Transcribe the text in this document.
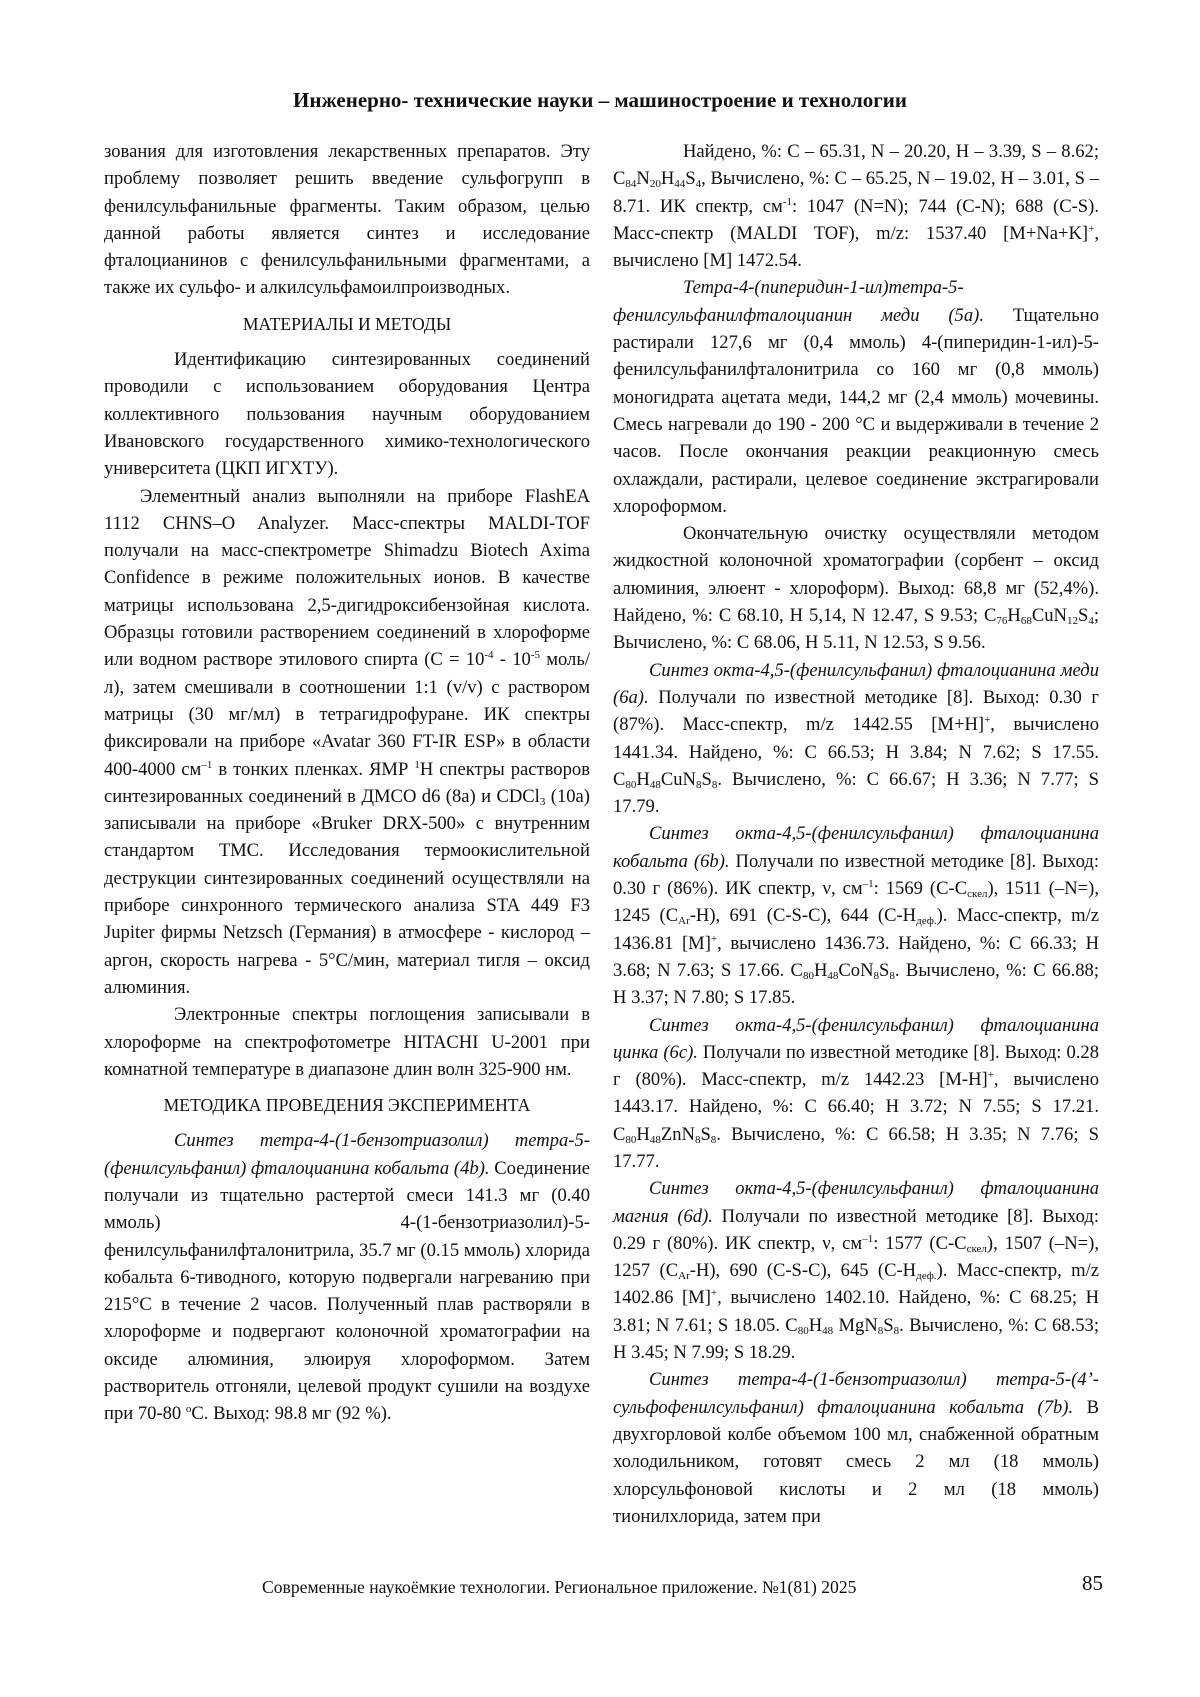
Инженерно- технические науки – машиностроение и технологии

зования для изготовления лекарственных препаратов. Эту проблему позволяет решить введение сульфогрупп в фенилсульфанильные фрагменты. Таким образом, целью данной работы является синтез и исследование фталоцианинов с фенилсульфанильными фрагментами, а также их сульфо- и алкилсульфамоилпроизводных.

МАТЕРИАЛЫ И МЕТОДЫ

Идентификацию синтезированных соединений проводили с использованием оборудования Центра коллективного пользования научным оборудованием Ивановского государственного химико-технологического университета (ЦКП ИГХТУ).

Элементный анализ выполняли на приборе FlashEA 1112 CHNS–O Analyzer. Масс-спектры MALDI-TOF получали на масс-спектрометре Shimadzu Biotech Axima Confidence в режиме положительных ионов. В качестве матрицы использована 2,5-дигидроксибензойная кислота. Образцы готовили растворением соединений в хлороформе или водном растворе этилового спирта ($С = 10^{-4} - 10^{-5}$ моль/л), затем смешивали в соотношении 1:1 (v/v) с раствором матрицы (30 мг/мл) в тетрагидрофуране. ИК спектры фиксировали на приборе «Avatar 360 FT-IR ESP» в области 400-4000 $см^{-1}$ в тонких пленках. ЯМР $^1$H спектры растворов синтезированных соединений в ДМСО d6 (8a) и CDCl$_3$ (10a) записывали на приборе «Bruker DRX-500» с внутренним стандартом ТМС. Исследования термоокислительной деструкции синтезированных соединений осуществляли на приборе синхронного термического анализа STA 449 F3 Jupiter фирмы Netzsch (Германия) в атмосфере - кислород – аргон, скорость нагрева - 5°С/мин, материал тигля – оксид алюминия.

Электронные спектры поглощения записывали в хлороформе на спектрофотометре HITACHI U-2001 при комнатной температуре в диапазоне длин волн 325-900 нм.

МЕТОДИКА ПРОВЕДЕНИЯ ЭКСПЕРИМЕНТА

Синтез тетра-4-(1-бензотриазолил) тетра-5-(фенилсульфанил) фталоцианина кобальта (4b). Соединение получали из тщательно растертой смеси 141.3 мг (0.40 ммоль) 4-(1-бензотриазолил)-5-фенилсульфанилфталонитрила, 35.7 мг (0.15 ммоль) хлорида кобальта 6-тиводного, которую подвергали нагреванию при 215°С в течение 2 часов. Полученный плав растворяли в хлороформе и подвергают колоночной хроматографии на оксиде алюминия, элюируя хлороформом. Затем растворитель отгоняли, целевой продукт сушили на воздухе при 70-80 $^о$С. Выход: 98.8 мг (92 %).

Найдено, %: С – 65.31, N – 20.20, H – 3.39, S – 8.62; $C_{84}N_{20}H_{44}S_4$, Вычислено, %: С – 65.25, N – 19.02, H – 3.01, S – 8.71. ИК спектр, $см^{-1}$: 1047 (N=N); 744 (C-N); 688 (C-S). Масс-спектр (MALDI TOF), m/z: 1537.40 [M+Na+K]+, вычислено [M] 1472.54.

Тетра-4-(пиперидин-1-ил)тетра-5-фенилсульфанилфталоцианин меди (5a). Тщательно растирали 127,6 мг (0,4 ммоль) 4-(пиперидин-1-ил)-5-фенилсульфанилфталонитрила со 160 мг (0,8 ммоль) моногидрата ацетата меди, 144,2 мг (2,4 ммоль) мочевины. Смесь нагревали до 190 - 200 °С и выдерживали в течение 2 часов. После окончания реакции реакционную смесь охлаждали, растирали, целевое соединение экстрагировали хлороформом.

Окончательную очистку осуществляли методом жидкостной колоночной хроматографии (сорбент – оксид алюминия, элюент - хлороформ). Выход: 68,8 мг (52,4%). Найдено, %: С 68.10, H 5,14, N 12.47, S 9.53; $C_{76}H_{68}CuN_{12}S_4$; Вычислено, %: С 68.06, H 5.11, N 12.53, S 9.56.

Синтез окта-4,5-(фенилсульфанил) фталоцианина меди (6a). Получали по известной методике [8]. Выход: 0.30 г (87%). Масс-спектр, m/z 1442.55 [M+H]+, вычислено 1441.34. Найдено, %: C 66.53; H 3.84; N 7.62; S 17.55. $C_{80}H_{48}CuN_8S_8$. Вычислено, %: C 66.67; H 3.36; N 7.77; S 17.79.

Синтез окта-4,5-(фенилсульфанил) фталоцианина кобальта (6b). Получали по известной методике [8]. Выход: 0.30 г (86%). ИК спектр, ν, $см^{-1}$: 1569 $(C-C_{скел})$, 1511 (–N=), 1245 $(C_{Ar}-H)$, 691 (C-S-C), 644 $(C-H_{деф.})$. Масс-спектр, m/z 1436.81 [M]+, вычислено 1436.73. Найдено, %: C 66.33; H 3.68; N 7.63; S 17.66. $C_{80}H_{48}CoN_8S_8$. Вычислено, %: C 66.88; H 3.37; N 7.80; S 17.85.

Синтез окта-4,5-(фенилсульфанил) фталоцианина цинка (6c). Получали по известной методике [8]. Выход: 0.28 г (80%). Масс-спектр, m/z 1442.23 [M-H]+, вычислено 1443.17. Найдено, %: C 66.40; H 3.72; N 7.55; S 17.21. $C_{80}H_{48}ZnN_8S_8$. Вычислено, %: C 66.58; H 3.35; N 7.76; S 17.77.

Синтез окта-4,5-(фенилсульфанил) фталоцианина магния (6d). Получали по известной методике [8]. Выход: 0.29 г (80%). ИК спектр, ν, $см^{-1}$: 1577 $(C-C_{скел})$, 1507 (–N=), 1257 $(C_{Ar}-H)$, 690 (C-S-C), 645 $(C-H_{деф.})$. Масс-спектр, m/z 1402.86 [M]+, вычислено 1402.10. Найдено, %: C 68.25; H 3.81; N 7.61; S 18.05. $C_{80}H_{48}$ $MgN_8S_8$. Вычислено, %: C 68.53; H 3.45; N 7.99; S 18.29.

Синтез тетра-4-(1-бензотриазолил) тетра-5-(4’-сульфофенилсульфанил) фталоцианина кобальта (7b). В двухгорловой колбе объемом 100 мл, снабженной обратным холодильником, готовят смесь 2 мл (18 ммоль) хлорсульфоновой кислоты и 2 мл (18 ммоль) тионилхлорида, затем при

Современные наукоёмкие технологии. Региональное приложение. №1(81) 2025	85
